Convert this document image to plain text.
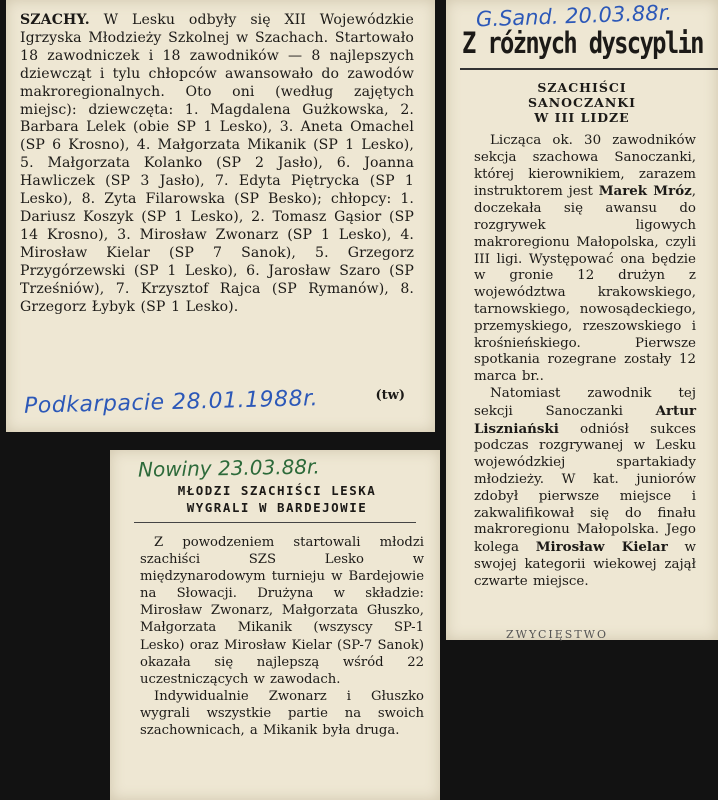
SZACHY. W Lesku odbyły się XII Wojewódzkie Igrzyska Młodzieży Szkolnej w Szachach. Startowało 18 zawodniczek i 18 zawodników — 8 najlepszych dziewcząt i tylu chłopców awansowało do zawodów makroregionalnych. Oto oni (według zajętych miejsc): dziewczęta: 1. Magdalena Gużkowska, 2. Barbara Lelek (obie SP 1 Lesko), 3. Aneta Omachel (SP 6 Krosno), 4. Małgorzata Mikanik (SP 1 Lesko), 5. Małgorzata Kolanko (SP 2 Jasło), 6. Joanna Hawliczek (SP 3 Jasło), 7. Edyta Piętrycka (SP 1 Lesko), 8. Zyta Filarowska (SP Besko); chłopcy: 1. Dariusz Koszyk (SP 1 Lesko), 2. Tomasz Gąsior (SP 14 Krosno), 3. Mirosław Zwonarz (SP 1 Lesko), 4. Mirosław Kielar (SP 7 Sanok), 5. Grzegorz Przygórzewski (SP 1 Lesko), 6. Jarosław Szaro (SP Trześniów), 7. Krzysztof Rajca (SP Rymanów), 8. Grzegorz Łybyk (SP 1 Lesko).

(tw)
Podkarpacie 28.01.1988r.
G.Sand. 20.03.88r.
Z różnych dyscyplin
SZACHIŚCI
SANOCZANKI
W III LIDZE

Licząca ok. 30 zawodników sekcja szachowa Sanoczanki, której kierownikiem, zarazem instruktorem jest Marek Mróz, doczekała się awansu do rozgrywek ligowych makroregionu Małopolska, czyli III ligi. Występować ona będzie w gronie 12 drużyn z województwa krakowskiego, tarnowskiego, nowosądeckiego, przemyskiego, rzeszowskiego i krośnieńskiego. Pierwsze spotkania rozegrane zostały 12 marca br..

Natomiast zawodnik tej sekcji Sanoczanki Artur Liszniański odniósł sukces podczas rozgrywanej w Lesku wojewódzkiej spartakiady młodzieży. W kat. juniorów zdobył pierwsze miejsce i zakwalifikował się do finału makroregionu Małopolska. Jego kolega Mirosław Kielar w swojej kategorii wiekowej zajął czwarte miejsce.

ZWYCIĘSTWO
Nowiny 23.03.88r.
MŁODZI SZACHIŚCI LESKA
WYGRALI W BARDEJOWIE

Z powodzeniem startowali młodzi szachiści SZS Lesko w międzynarodowym turnieju w Bardejowie na Słowacji. Drużyna w składzie: Mirosław Zwonarz, Małgorzata Głuszko, Małgorzata Mikanik (wszyscy SP-1 Lesko) oraz Mirosław Kielar (SP-7 Sanok) okazała się najlepszą wśród 22 uczestniczących w zawodach.

Indywidualnie Zwonarz i Głuszko wygrali wszystkie partie na swoich szachownicach, a Mikanik była druga.
